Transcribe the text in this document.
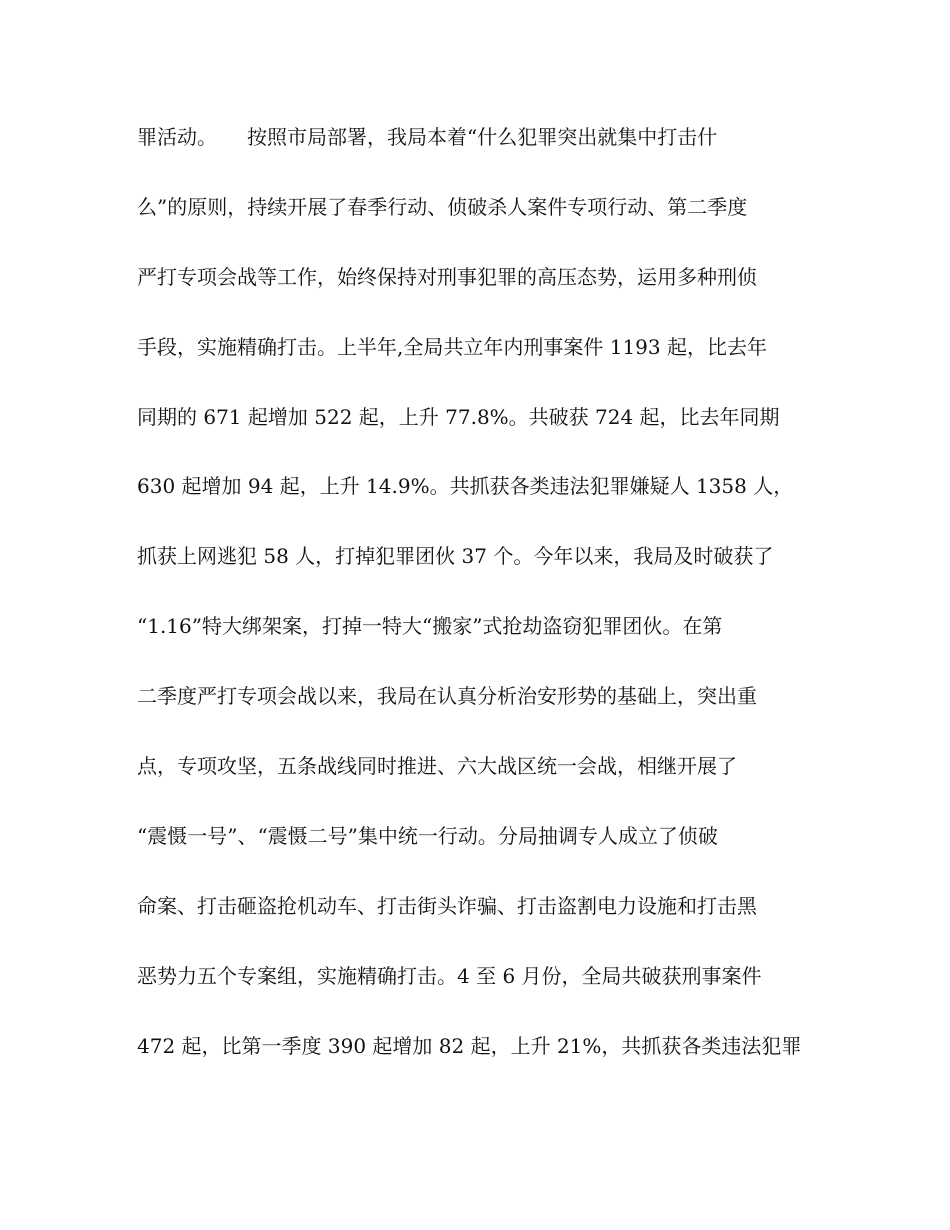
罪活动。　　按照市局部署，我局本着“什么犯罪突出就集中打击什
么”的原则，持续开展了春季行动、侦破杀人案件专项行动、第二季度
严打专项会战等工作，始终保持对刑事犯罪的高压态势，运用多种刑侦
手段，实施精确打击。上半年,全局共立年内刑事案件 1193 起，比去年
同期的 671 起增加 522 起，上升 77.8%。共破获 724 起，比去年同期
630 起增加 94 起，上升 14.9%。共抓获各类违法犯罪嫌疑人 1358 人，
抓获上网逃犯 58 人，打掉犯罪团伙 37 个。今年以来，我局及时破获了
“1.16”特大绑架案，打掉一特大“搬家”式抢劫盗窃犯罪团伙。在第
二季度严打专项会战以来，我局在认真分析治安形势的基础上，突出重
点，专项攻坚，五条战线同时推进、六大战区统一会战，相继开展了
“震慑一号”、“震慑二号”集中统一行动。分局抽调专人成立了侦破
命案、打击砸盗抢机动车、打击街头诈骗、打击盗割电力设施和打击黑
恶势力五个专案组，实施精确打击。4 至 6 月份，全局共破获刑事案件
472 起，比第一季度 390 起增加 82 起，上升 21%，共抓获各类违法犯罪
